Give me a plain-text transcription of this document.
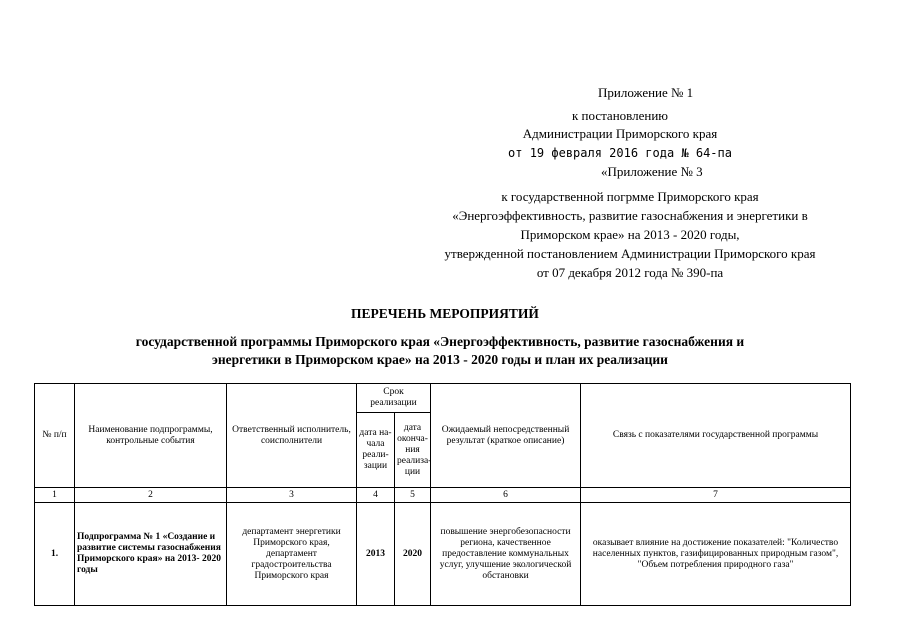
Приложение № 1
к постановлению
Администрации Приморского края
от 19 февраля 2016 года № 64-па
«Приложение № 3
к государственной погрмме Приморского края
«Энергоэффективность, развитие газоснабжения и энергетики в
Приморском крае» на 2013 - 2020 годы,
утвержденной постановлением Администрации Приморского края
от 07 декабря 2012 года № 390-па
ПЕРЕЧЕНЬ МЕРОПРИЯТИЙ
государственной программы Приморского края «Энергоэффективность, развитие газоснабжения и
энергетики в Приморском крае» на 2013 - 2020 годы и план их реализации
№ п/п	Наименование подпрограммы, контрольные события	Ответственный исполнитель, соисполнители	Срок реализации		Ожидаемый непосредственный результат (краткое описание)	Связь с показателями государственной программы
			дата на-чала реали-зации	дата оконча-ния реализа-ции		
1	2	3	4	5	6	7
1.	Подпрограмма № 1 «Создание и развитие системы газоснабжения Приморского края» на 2013- 2020 годы	департамент энергетики Приморского края, департамент градостроительства Приморского края	2013	2020	повышение энергобезопасности региона, качественное предоставление коммунальных услуг, улучшение экологической обстановки	оказывает влияние на достижение показателей: "Количество населенных пунктов, газифицированных природным газом", "Объем потребления природного газа"
